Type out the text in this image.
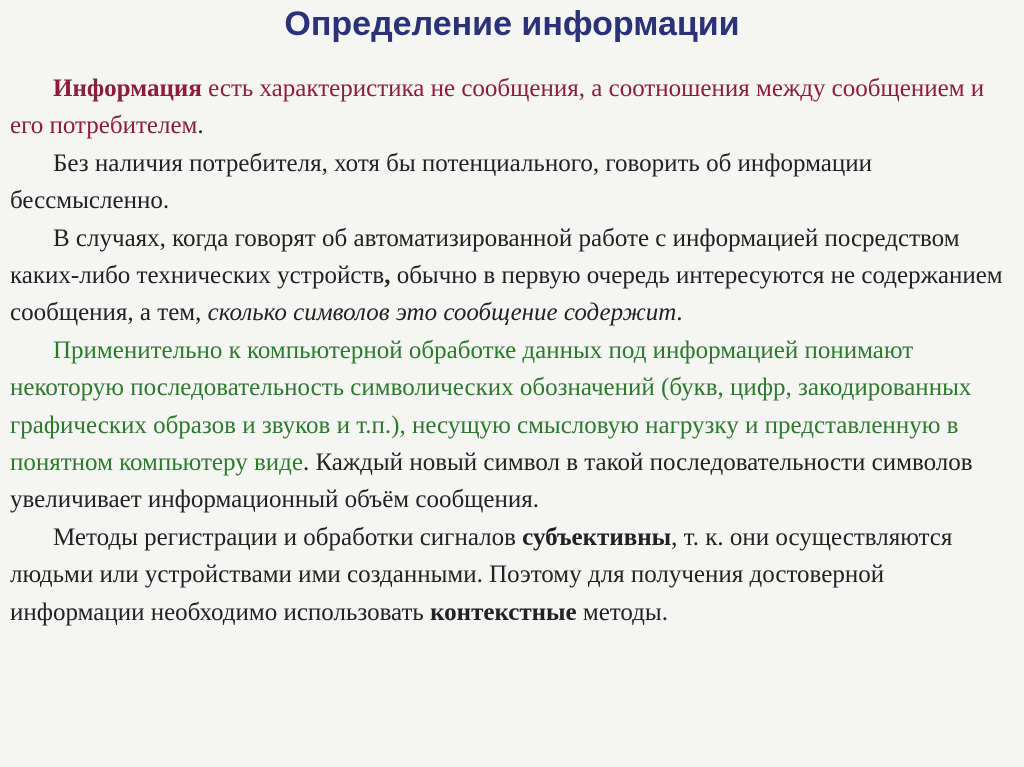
Определение информации

Информация есть характеристика не сообщения, а соотношения между сообщением и его потребителем.

Без наличия потребителя, хотя бы потенциального, говорить об информации бессмысленно.

В случаях, когда говорят об автоматизированной работе с информацией посредством каких-либо технических устройств, обычно в первую очередь интересуются не содержанием сообщения, а тем, сколько символов это сообщение содержит.

Применительно к компьютерной обработке данных под информацией понимают некоторую последовательность символических обозначений (букв, цифр, закодированных графических образов и звуков и т.п.), несущую смысловую нагрузку и представленную в понятном компьютеру виде. Каждый новый символ в такой последовательности символов увеличивает информационный объём сообщения.

Методы регистрации и обработки сигналов субъективны, т. к. они осуществляются людьми или устройствами ими созданными. Поэтому для получения достоверной информации необходимо использовать контекстные методы.
